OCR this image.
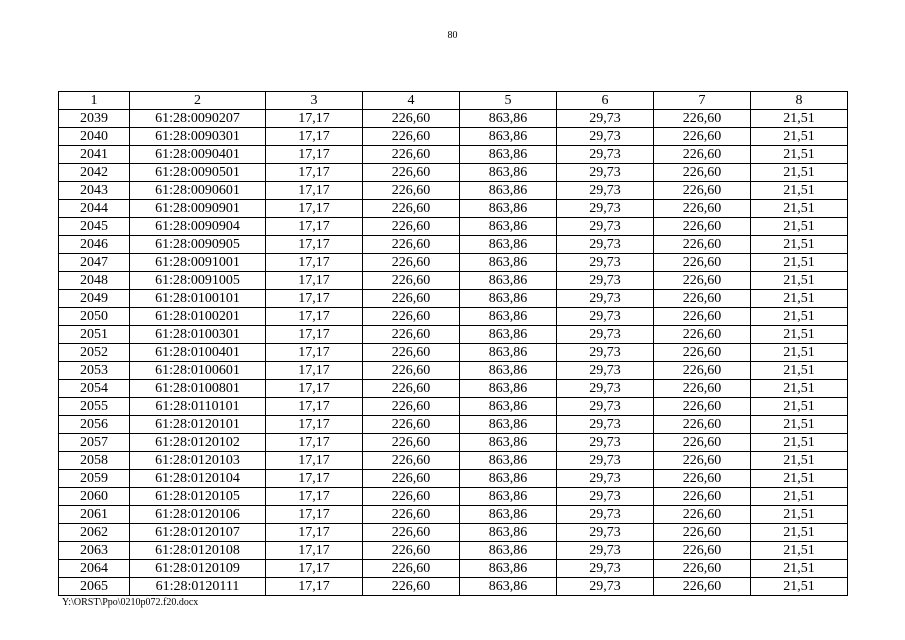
80
1	2	3	4	5	6	7	8
2039	61:28:0090207	17,17	226,60	863,86	29,73	226,60	21,51
2040	61:28:0090301	17,17	226,60	863,86	29,73	226,60	21,51
2041	61:28:0090401	17,17	226,60	863,86	29,73	226,60	21,51
2042	61:28:0090501	17,17	226,60	863,86	29,73	226,60	21,51
2043	61:28:0090601	17,17	226,60	863,86	29,73	226,60	21,51
2044	61:28:0090901	17,17	226,60	863,86	29,73	226,60	21,51
2045	61:28:0090904	17,17	226,60	863,86	29,73	226,60	21,51
2046	61:28:0090905	17,17	226,60	863,86	29,73	226,60	21,51
2047	61:28:0091001	17,17	226,60	863,86	29,73	226,60	21,51
2048	61:28:0091005	17,17	226,60	863,86	29,73	226,60	21,51
2049	61:28:0100101	17,17	226,60	863,86	29,73	226,60	21,51
2050	61:28:0100201	17,17	226,60	863,86	29,73	226,60	21,51
2051	61:28:0100301	17,17	226,60	863,86	29,73	226,60	21,51
2052	61:28:0100401	17,17	226,60	863,86	29,73	226,60	21,51
2053	61:28:0100601	17,17	226,60	863,86	29,73	226,60	21,51
2054	61:28:0100801	17,17	226,60	863,86	29,73	226,60	21,51
2055	61:28:0110101	17,17	226,60	863,86	29,73	226,60	21,51
2056	61:28:0120101	17,17	226,60	863,86	29,73	226,60	21,51
2057	61:28:0120102	17,17	226,60	863,86	29,73	226,60	21,51
2058	61:28:0120103	17,17	226,60	863,86	29,73	226,60	21,51
2059	61:28:0120104	17,17	226,60	863,86	29,73	226,60	21,51
2060	61:28:0120105	17,17	226,60	863,86	29,73	226,60	21,51
2061	61:28:0120106	17,17	226,60	863,86	29,73	226,60	21,51
2062	61:28:0120107	17,17	226,60	863,86	29,73	226,60	21,51
2063	61:28:0120108	17,17	226,60	863,86	29,73	226,60	21,51
2064	61:28:0120109	17,17	226,60	863,86	29,73	226,60	21,51
2065	61:28:0120111	17,17	226,60	863,86	29,73	226,60	21,51
Y:\ORST\Ppo\0210p072.f20.docx
